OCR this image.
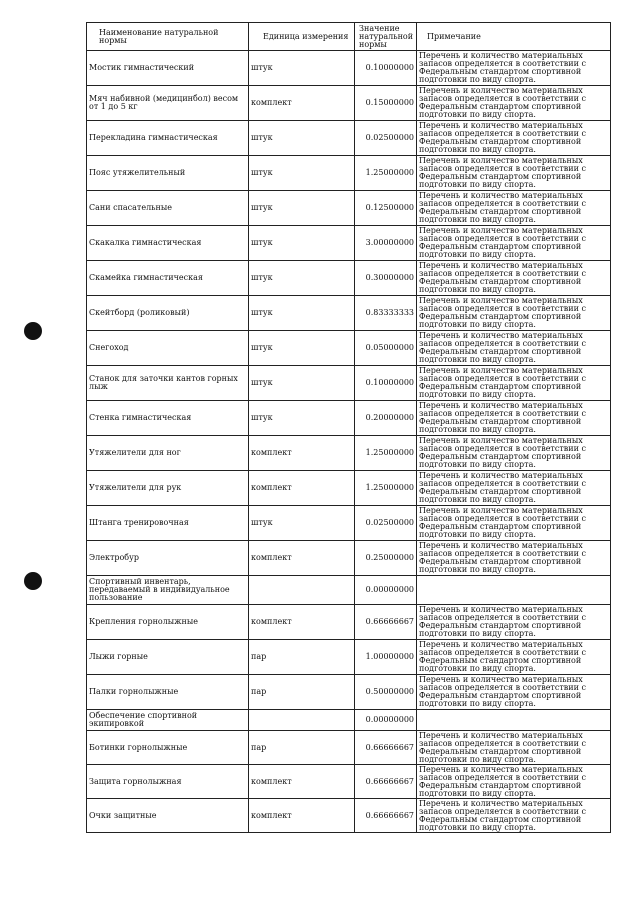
Наименование натуральной нормы	Единица измерения	Значение натуральной нормы	Примечание
Мостик гимнастический	штук	0.10000000	Перечень и количество материальных запасов определяется в соответствии с Федеральным стандартом спортивной подготовки по виду спорта.
Мяч набивной (медицинбол) весом от 1 до 5 кг	комплект	0.15000000	Перечень и количество материальных запасов определяется в соответствии с Федеральным стандартом спортивной подготовки по виду спорта.
Перекладина гимнастическая	штук	0.02500000	Перечень и количество материальных запасов определяется в соответствии с Федеральным стандартом спортивной подготовки по виду спорта.
Пояс утяжелительный	штук	1.25000000	Перечень и количество материальных запасов определяется в соответствии с Федеральным стандартом спортивной подготовки по виду спорта.
Сани спасательные	штук	0.12500000	Перечень и количество материальных запасов определяется в соответствии с Федеральным стандартом спортивной подготовки по виду спорта.
Скакалка гимнастическая	штук	3.00000000	Перечень и количество материальных запасов определяется в соответствии с Федеральным стандартом спортивной подготовки по виду спорта.
Скамейка гимнастическая	штук	0.30000000	Перечень и количество материальных запасов определяется в соответствии с Федеральным стандартом спортивной подготовки по виду спорта.
Скейтборд (роликовый)	штук	0.83333333	Перечень и количество материальных запасов определяется в соответствии с Федеральным стандартом спортивной подготовки по виду спорта.
Снегоход	штук	0.05000000	Перечень и количество материальных запасов определяется в соответствии с Федеральным стандартом спортивной подготовки по виду спорта.
Станок для заточки кантов горных лыж	штук	0.10000000	Перечень и количество материальных запасов определяется в соответствии с Федеральным стандартом спортивной подготовки по виду спорта.
Стенка гимнастическая	штук	0.20000000	Перечень и количество материальных запасов определяется в соответствии с Федеральным стандартом спортивной подготовки по виду спорта.
Утяжелители для ног	комплект	1.25000000	Перечень и количество материальных запасов определяется в соответствии с Федеральным стандартом спортивной подготовки по виду спорта.
Утяжелители для рук	комплект	1.25000000	Перечень и количество материальных запасов определяется в соответствии с Федеральным стандартом спортивной подготовки по виду спорта.
Штанга тренировочная	штук	0.02500000	Перечень и количество материальных запасов определяется в соответствии с Федеральным стандартом спортивной подготовки по виду спорта.
Электробур	комплект	0.25000000	Перечень и количество материальных запасов определяется в соответствии с Федеральным стандартом спортивной подготовки по виду спорта.
Спортивный инвентарь, передаваемый в индивидуальное пользование		0.00000000	
Крепления горнолыжные	комплект	0.66666667	Перечень и количество материальных запасов определяется в соответствии с Федеральным стандартом спортивной подготовки по виду спорта.
Лыжи горные	пар	1.00000000	Перечень и количество материальных запасов определяется в соответствии с Федеральным стандартом спортивной подготовки по виду спорта.
Палки горнолыжные	пар	0.50000000	Перечень и количество материальных запасов определяется в соответствии с Федеральным стандартом спортивной подготовки по виду спорта.
Обеспечение спортивной экипировкой		0.00000000	
Ботинки горнолыжные	пар	0.66666667	Перечень и количество материальных запасов определяется в соответствии с Федеральным стандартом спортивной подготовки по виду спорта.
Защита горнолыжная	комплект	0.66666667	Перечень и количество материальных запасов определяется в соответствии с Федеральным стандартом спортивной подготовки по виду спорта.
Очки защитные	комплект	0.66666667	Перечень и количество материальных запасов определяется в соответствии с Федеральным стандартом спортивной подготовки по виду спорта.
